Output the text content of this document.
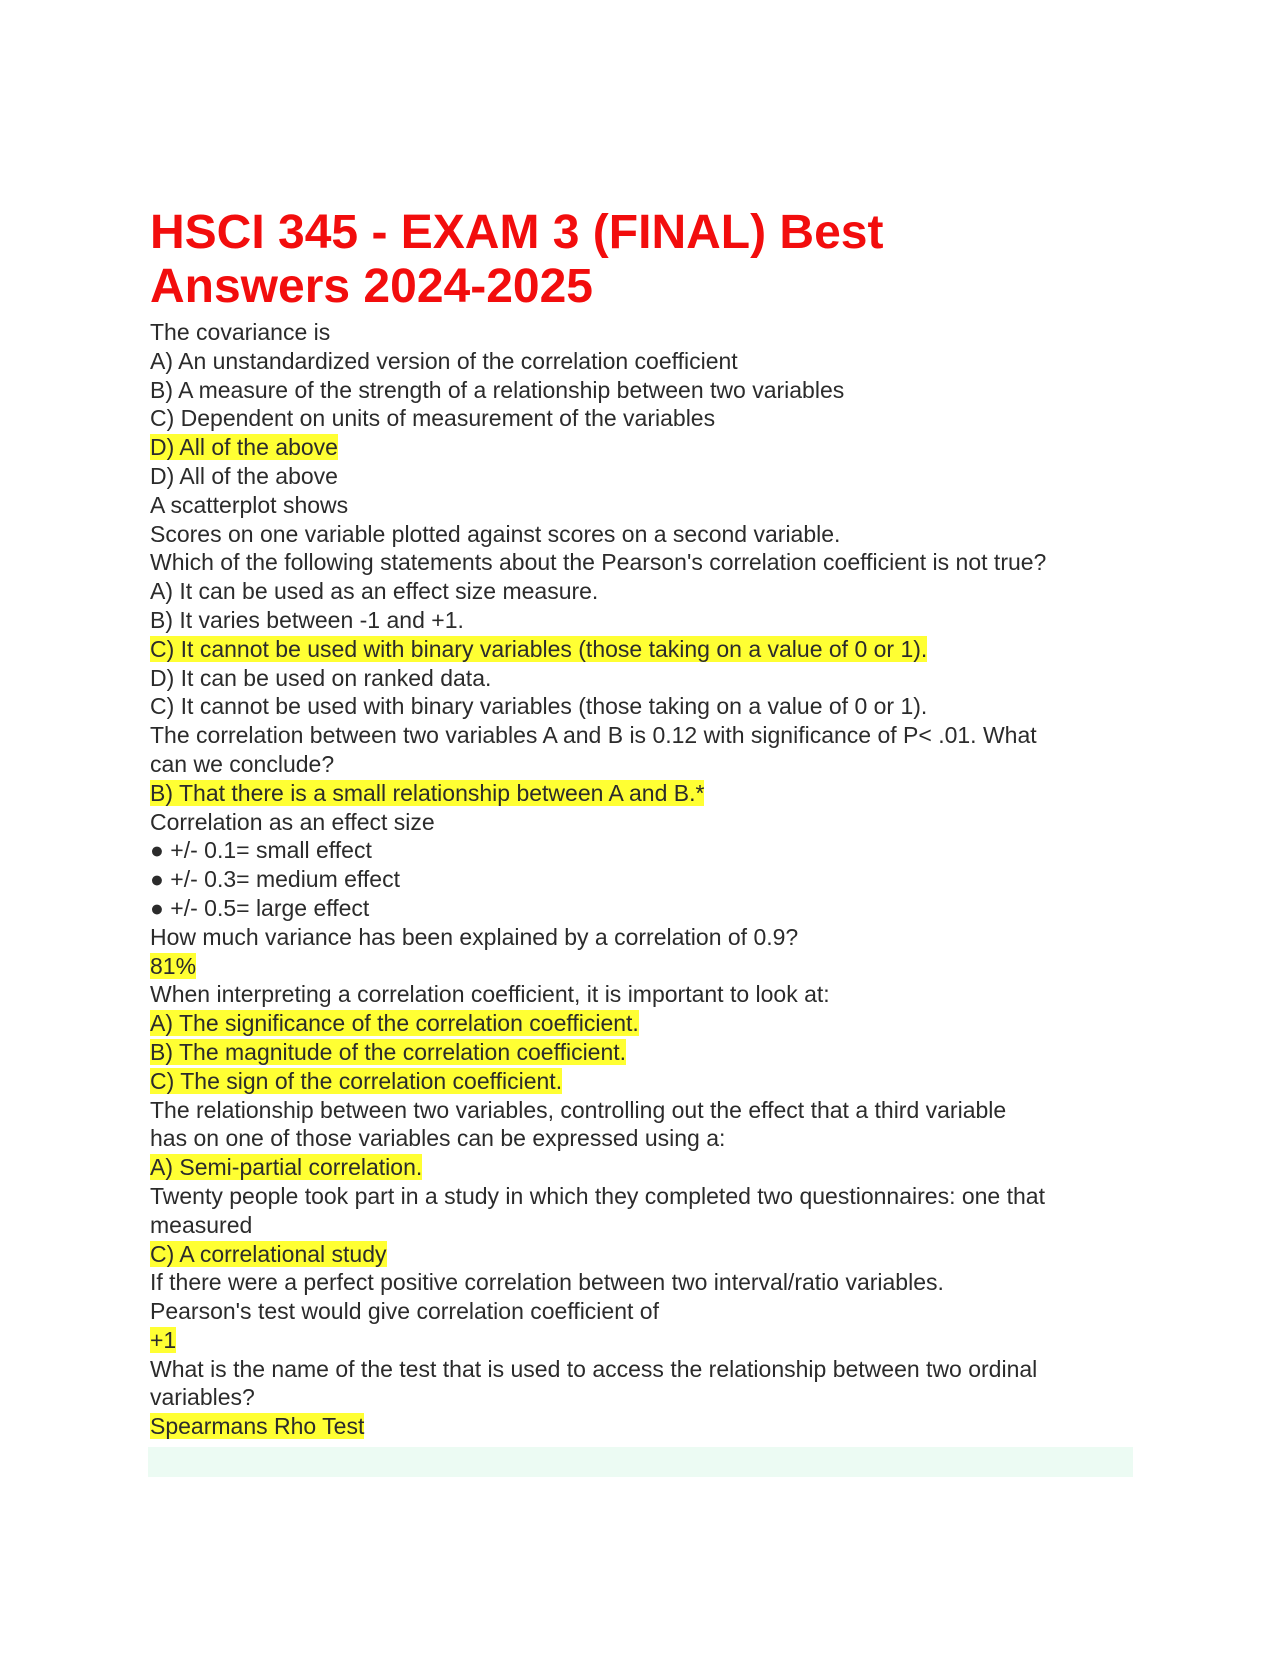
HSCI 345 - EXAM 3 (FINAL) Best
Answers 2024-2025
The covariance is
A) An unstandardized version of the correlation coefficient
B) A measure of the strength of a relationship between two variables
C) Dependent on units of measurement of the variables
D) All of the above
D) All of the above
A scatterplot shows
Scores on one variable plotted against scores on a second variable.
Which of the following statements about the Pearson's correlation coefficient is not true?
A) It can be used as an effect size measure.
B) It varies between -1 and +1.
C) It cannot be used with binary variables (those taking on a value of 0 or 1).
D) It can be used on ranked data.
C) It cannot be used with binary variables (those taking on a value of 0 or 1).
The correlation between two variables A and B is 0.12 with significance of P< .01. What
can we conclude?
B) That there is a small relationship between A and B.*
Correlation as an effect size
● +/- 0.1= small effect
● +/- 0.3= medium effect
● +/- 0.5= large effect
How much variance has been explained by a correlation of 0.9?
81%
When interpreting a correlation coefficient, it is important to look at:
A) The significance of the correlation coefficient.
B) The magnitude of the correlation coefficient.
C) The sign of the correlation coefficient.
The relationship between two variables, controlling out the effect that a third variable
has on one of those variables can be expressed using a:
A) Semi-partial correlation.
Twenty people took part in a study in which they completed two questionnaires: one that
measured
C) A correlational study
If there were a perfect positive correlation between two interval/ratio variables.
Pearson's test would give correlation coefficient of
+1
What is the name of the test that is used to access the relationship between two ordinal
variables?
Spearmans Rho Test
